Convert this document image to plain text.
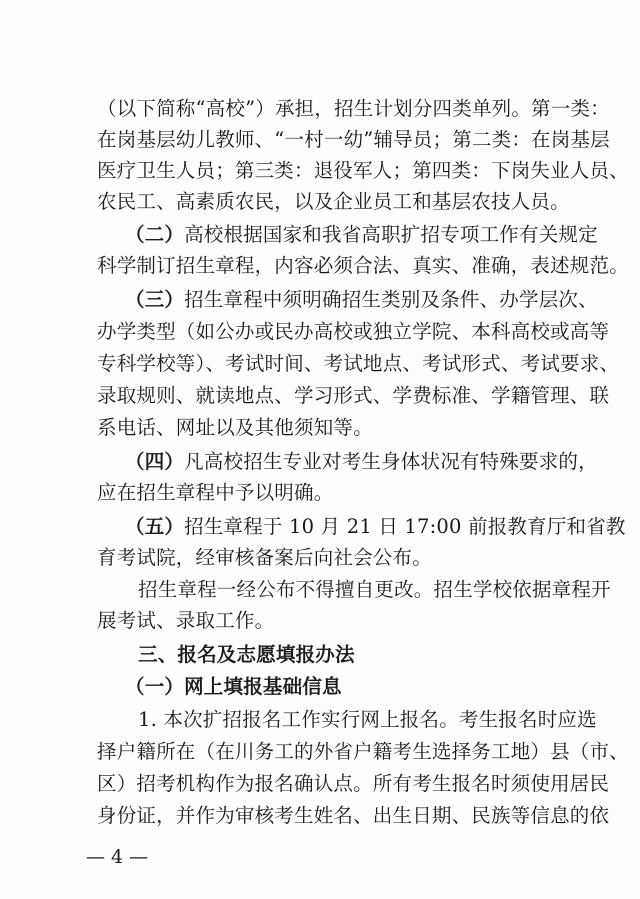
（以下简称“高校”）承担，招生计划分四类单列。第一类：
在岗基层幼儿教师、“一村一幼”辅导员；第二类：在岗基层
医疗卫生人员；第三类：退役军人；第四类：下岗失业人员、
农民工、高素质农民，以及企业员工和基层农技人员。
（二）高校根据国家和我省高职扩招专项工作有关规定
科学制订招生章程，内容必须合法、真实、准确，表述规范。
（三）招生章程中须明确招生类别及条件、办学层次、
办学类型（如公办或民办高校或独立学院、本科高校或高等
专科学校等）、考试时间、考试地点、考试形式、考试要求、
录取规则、就读地点、学习形式、学费标准、学籍管理、联
系电话、网址以及其他须知等。
（四）凡高校招生专业对考生身体状况有特殊要求的，
应在招生章程中予以明确。
（五）招生章程于 10 月 21 日 17:00 前报教育厅和省教
育考试院，经审核备案后向社会公布。
招生章程一经公布不得擅自更改。招生学校依据章程开
展考试、录取工作。
三、报名及志愿填报办法
（一）网上填报基础信息
1. 本次扩招报名工作实行网上报名。考生报名时应选
择户籍所在（在川务工的外省户籍考生选择务工地）县（市、
区）招考机构作为报名确认点。所有考生报名时须使用居民
身份证，并作为审核考生姓名、出生日期、民族等信息的依
— 4 —
